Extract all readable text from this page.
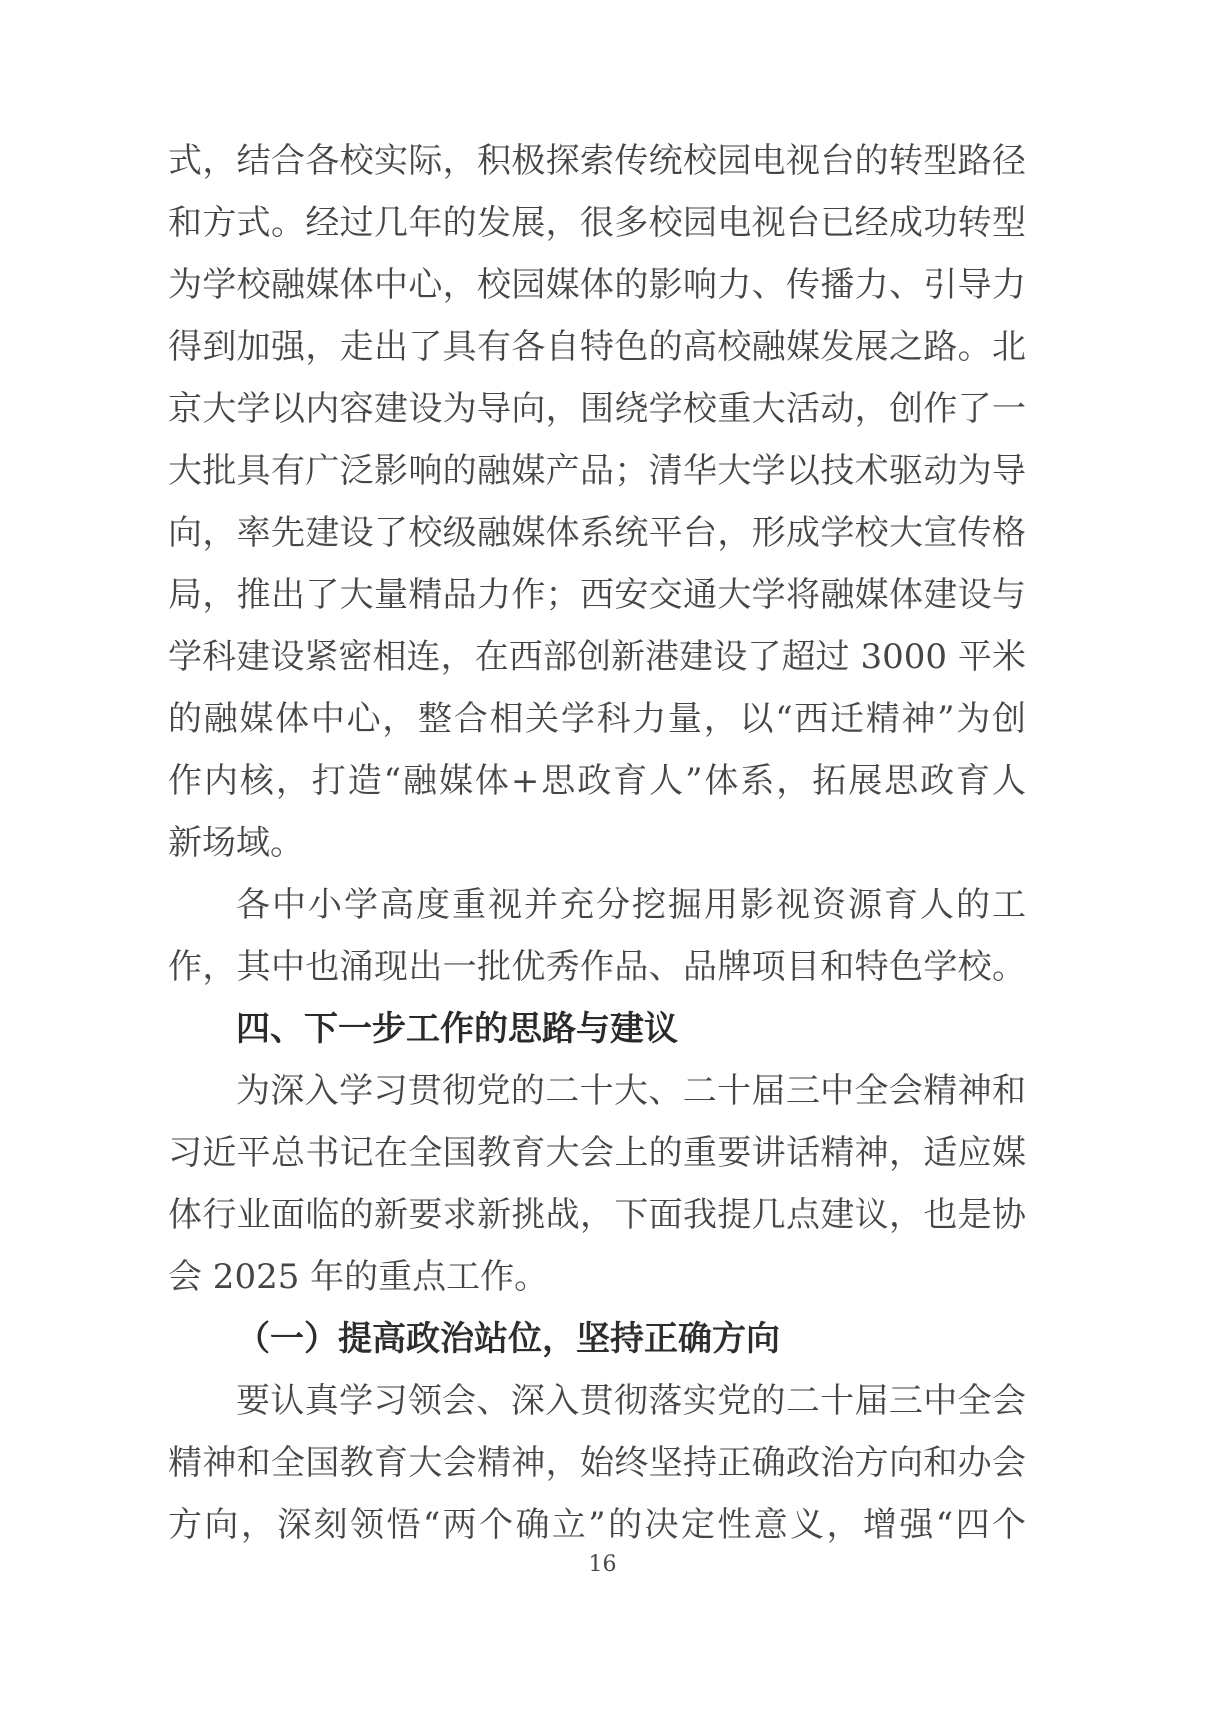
式，结合各校实际，积极探索传统校园电视台的转型路径
和方式。经过几年的发展，很多校园电视台已经成功转型
为学校融媒体中心，校园媒体的影响力、传播力、引导力
得到加强，走出了具有各自特色的高校融媒发展之路。北
京大学以内容建设为导向，围绕学校重大活动，创作了一
大批具有广泛影响的融媒产品；清华大学以技术驱动为导
向，率先建设了校级融媒体系统平台，形成学校大宣传格
局，推出了大量精品力作；西安交通大学将融媒体建设与
学科建设紧密相连，在西部创新港建设了超过 3000 平米
的融媒体中心，整合相关学科力量，以“西迁精神”为创
作内核，打造“融媒体+思政育人”体系，拓展思政育人
新场域。
各中小学高度重视并充分挖掘用影视资源育人的工
作，其中也涌现出一批优秀作品、品牌项目和特色学校。
四、下一步工作的思路与建议
为深入学习贯彻党的二十大、二十届三中全会精神和
习近平总书记在全国教育大会上的重要讲话精神，适应媒
体行业面临的新要求新挑战，下面我提几点建议，也是协
会 2025 年的重点工作。
（一）提高政治站位，坚持正确方向
要认真学习领会、深入贯彻落实党的二十届三中全会
精神和全国教育大会精神，始终坚持正确政治方向和办会
方向，深刻领悟“两个确立”的决定性意义，增强“四个
16
